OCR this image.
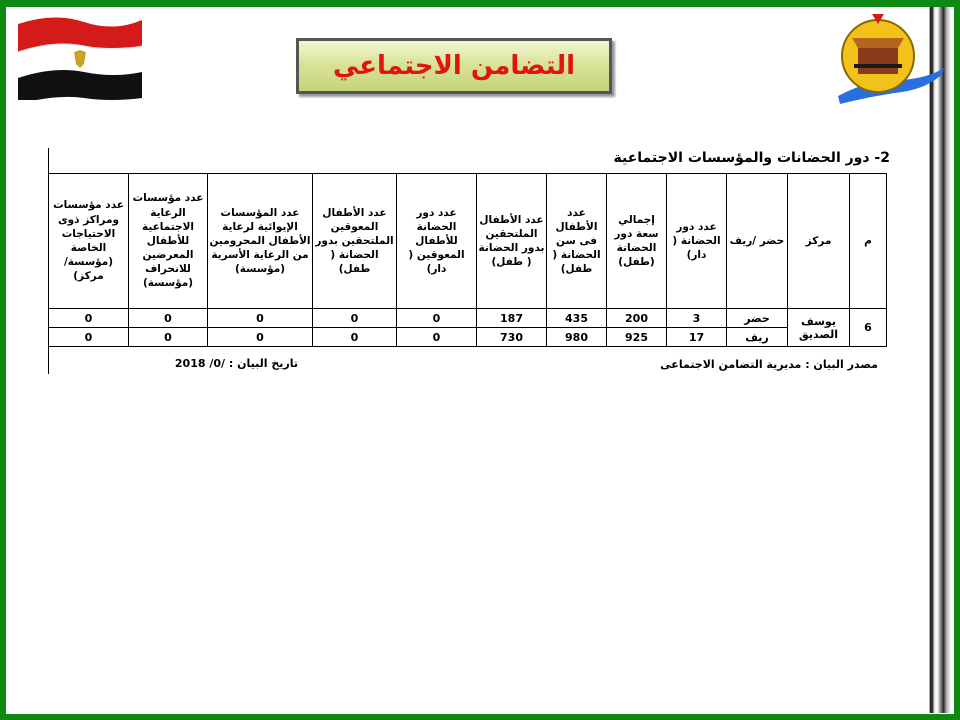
التضامن الاجتماعي
2- دور الحضانات والمؤسسات الاجتماعية
م	مركز	حضر /ريف	عدد دور الحضانة ( دار)	إجمالي سعة دور الحضانة (طفل)	عدد الأطفال فى سن الحضانة ( طفل)	عدد الأطفال الملتحقين بدور الحضانة ( طفل)	عدد دور الحضانة للأطفال المعوقين ( دار)	عدد الأطفال المعوقين الملتحقين بدور الحضانة ( طفل)	عدد المؤسسات الإيوائية لرعاية الأطفال المحرومين من الرعاية الأسرية (مؤسسة)	عدد مؤسسات الرعاية الاجتماعية للأطفال المعرضين للانحراف (مؤسسة)	عدد مؤسسات ومراكز ذوى الاحتياجات الخاصة (مؤسسة/مركز)
6	يوسف الصديق	حضر	3	200	435	187	0	0	0	0	0
		ريف	17	925	980	730	0	0	0	0	0
مصدر البيان : مديرية التضامن الاجتماعى
تاريخ البيان : /0/ 2018
